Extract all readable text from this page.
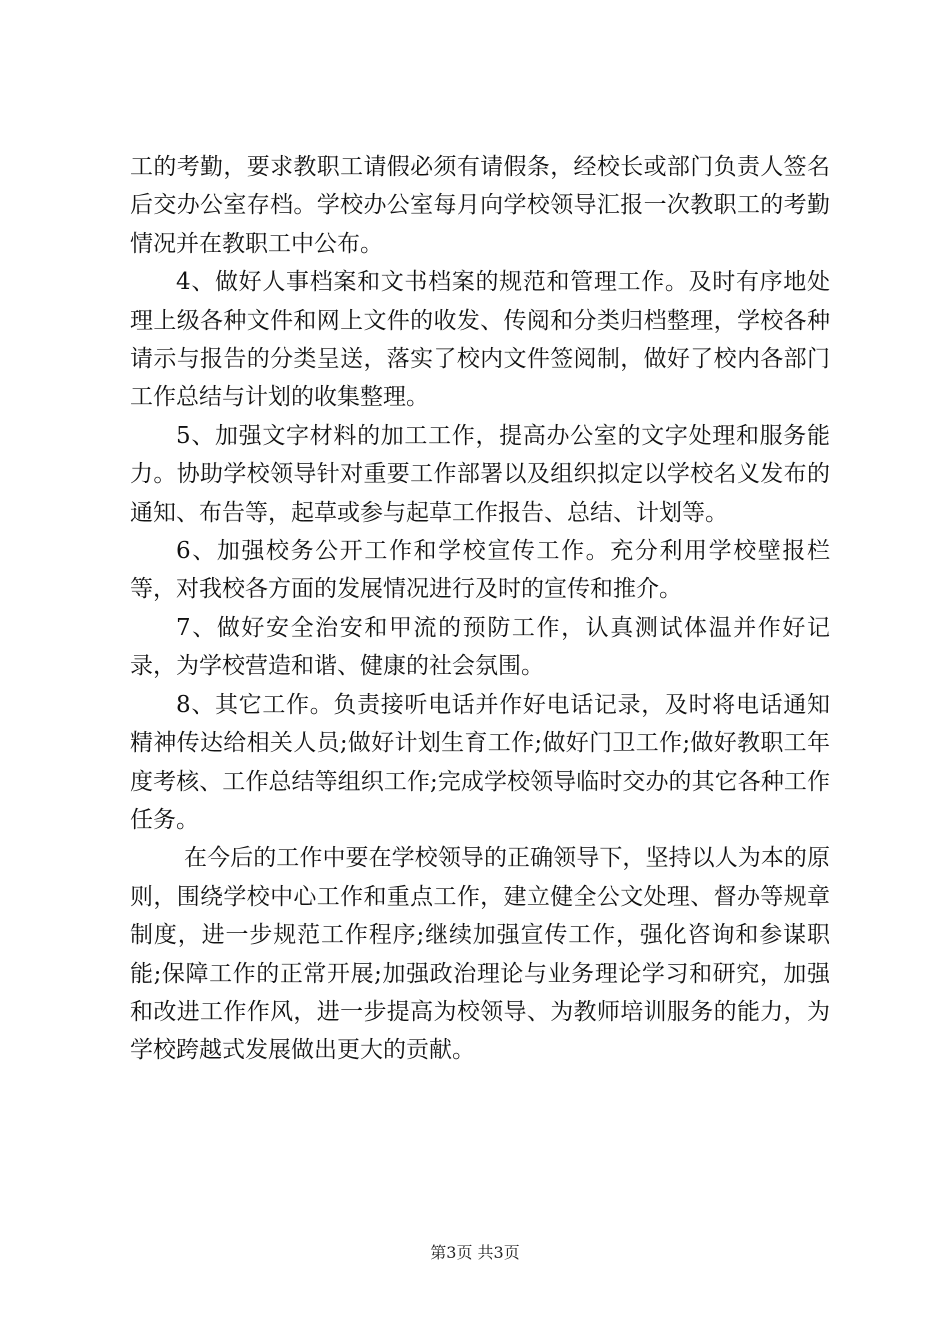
工的考勤，要求教职工请假必须有请假条，经校长或部门负责人签名后交办公室存档。学校办公室每月向学校领导汇报一次教职工的考勤情况并在教职工中公布。

4、做好人事档案和文书档案的规范和管理工作。及时有序地处理上级各种文件和网上文件的收发、传阅和分类归档整理，学校各种请示与报告的分类呈送，落实了校内文件签阅制，做好了校内各部门工作总结与计划的收集整理。

5、加强文字材料的加工工作，提高办公室的文字处理和服务能力。协助学校领导针对重要工作部署以及组织拟定以学校名义发布的通知、布告等，起草或参与起草工作报告、总结、计划等。

6、加强校务公开工作和学校宣传工作。充分利用学校壁报栏等，对我校各方面的发展情况进行及时的宣传和推介。

7、做好安全治安和甲流的预防工作，认真测试体温并作好记录，为学校营造和谐、健康的社会氛围。

8、其它工作。负责接听电话并作好电话记录，及时将电话通知精神传达给相关人员;做好计划生育工作;做好门卫工作;做好教职工年度考核、工作总结等组织工作;完成学校领导临时交办的其它各种工作任务。

在今后的工作中要在学校领导的正确领导下，坚持以人为本的原则，围绕学校中心工作和重点工作，建立健全公文处理、督办等规章制度，进一步规范工作程序;继续加强宣传工作，强化咨询和参谋职能;保障工作的正常开展;加强政治理论与业务理论学习和研究，加强和改进工作作风，进一步提高为校领导、为教师培训服务的能力，为学校跨越式发展做出更大的贡献。

第3页 共3页
